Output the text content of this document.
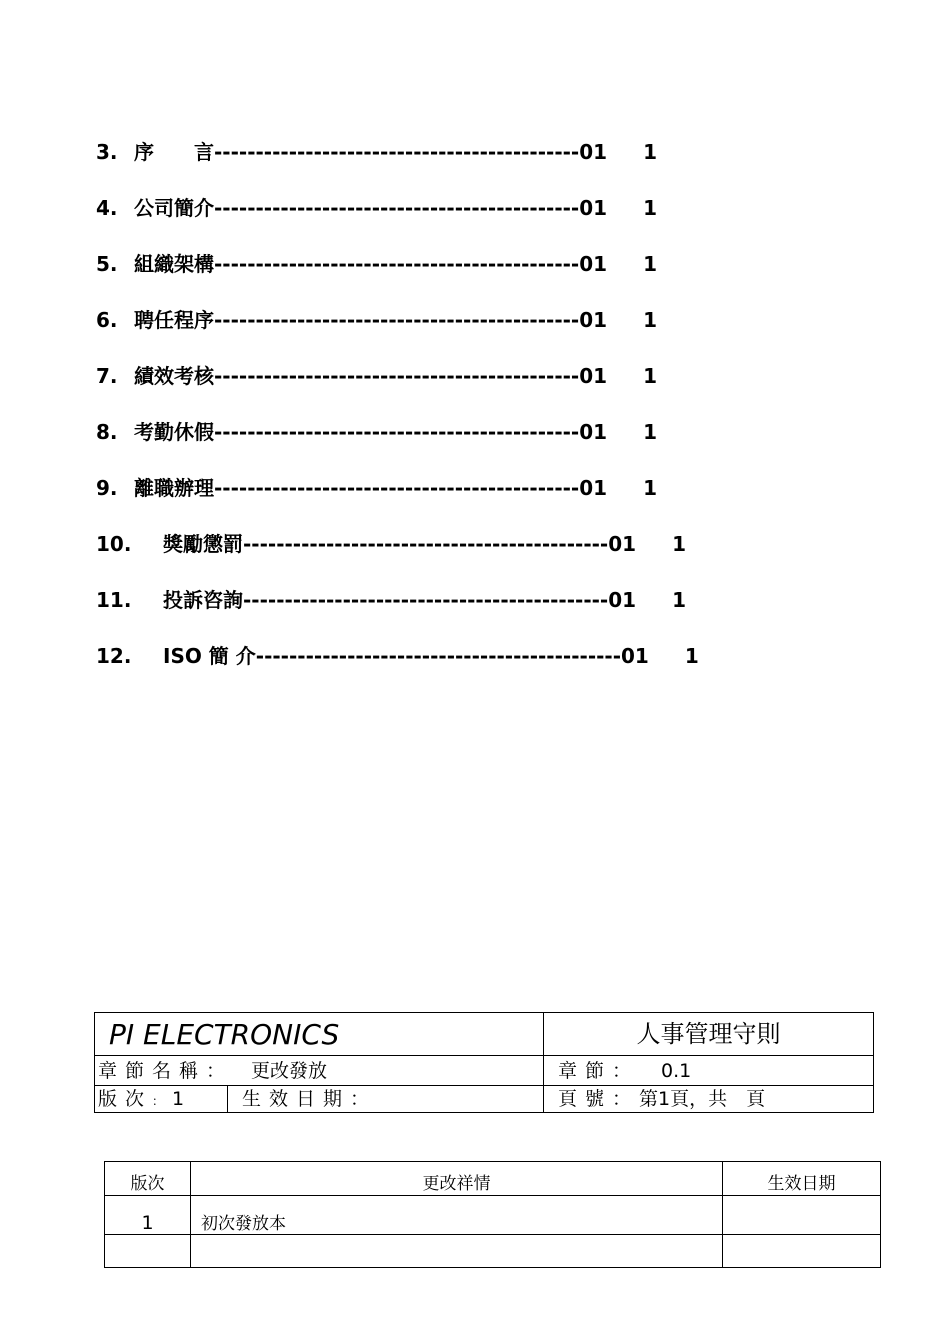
3. 序　　言--------------------------------------------01 1
4. 公司簡介--------------------------------------------01 1
5. 組織架構--------------------------------------------01 1
6. 聘任程序--------------------------------------------01 1
7. 績效考核--------------------------------------------01 1
8. 考勤休假--------------------------------------------01 1
9. 離職辦理--------------------------------------------01 1
10. 獎勵懲罰--------------------------------------------01 1
11. 投訴咨詢--------------------------------------------01 1
12. ISO 簡 介--------------------------------------------01 1
PI ELECTRONICS	人事管理守則
章節名稱： 更改發放	章節： 0.1
版次： 1	生效日期：	頁號：第1頁，共　頁
版次	更改祥情	生效日期
1	初次發放本
